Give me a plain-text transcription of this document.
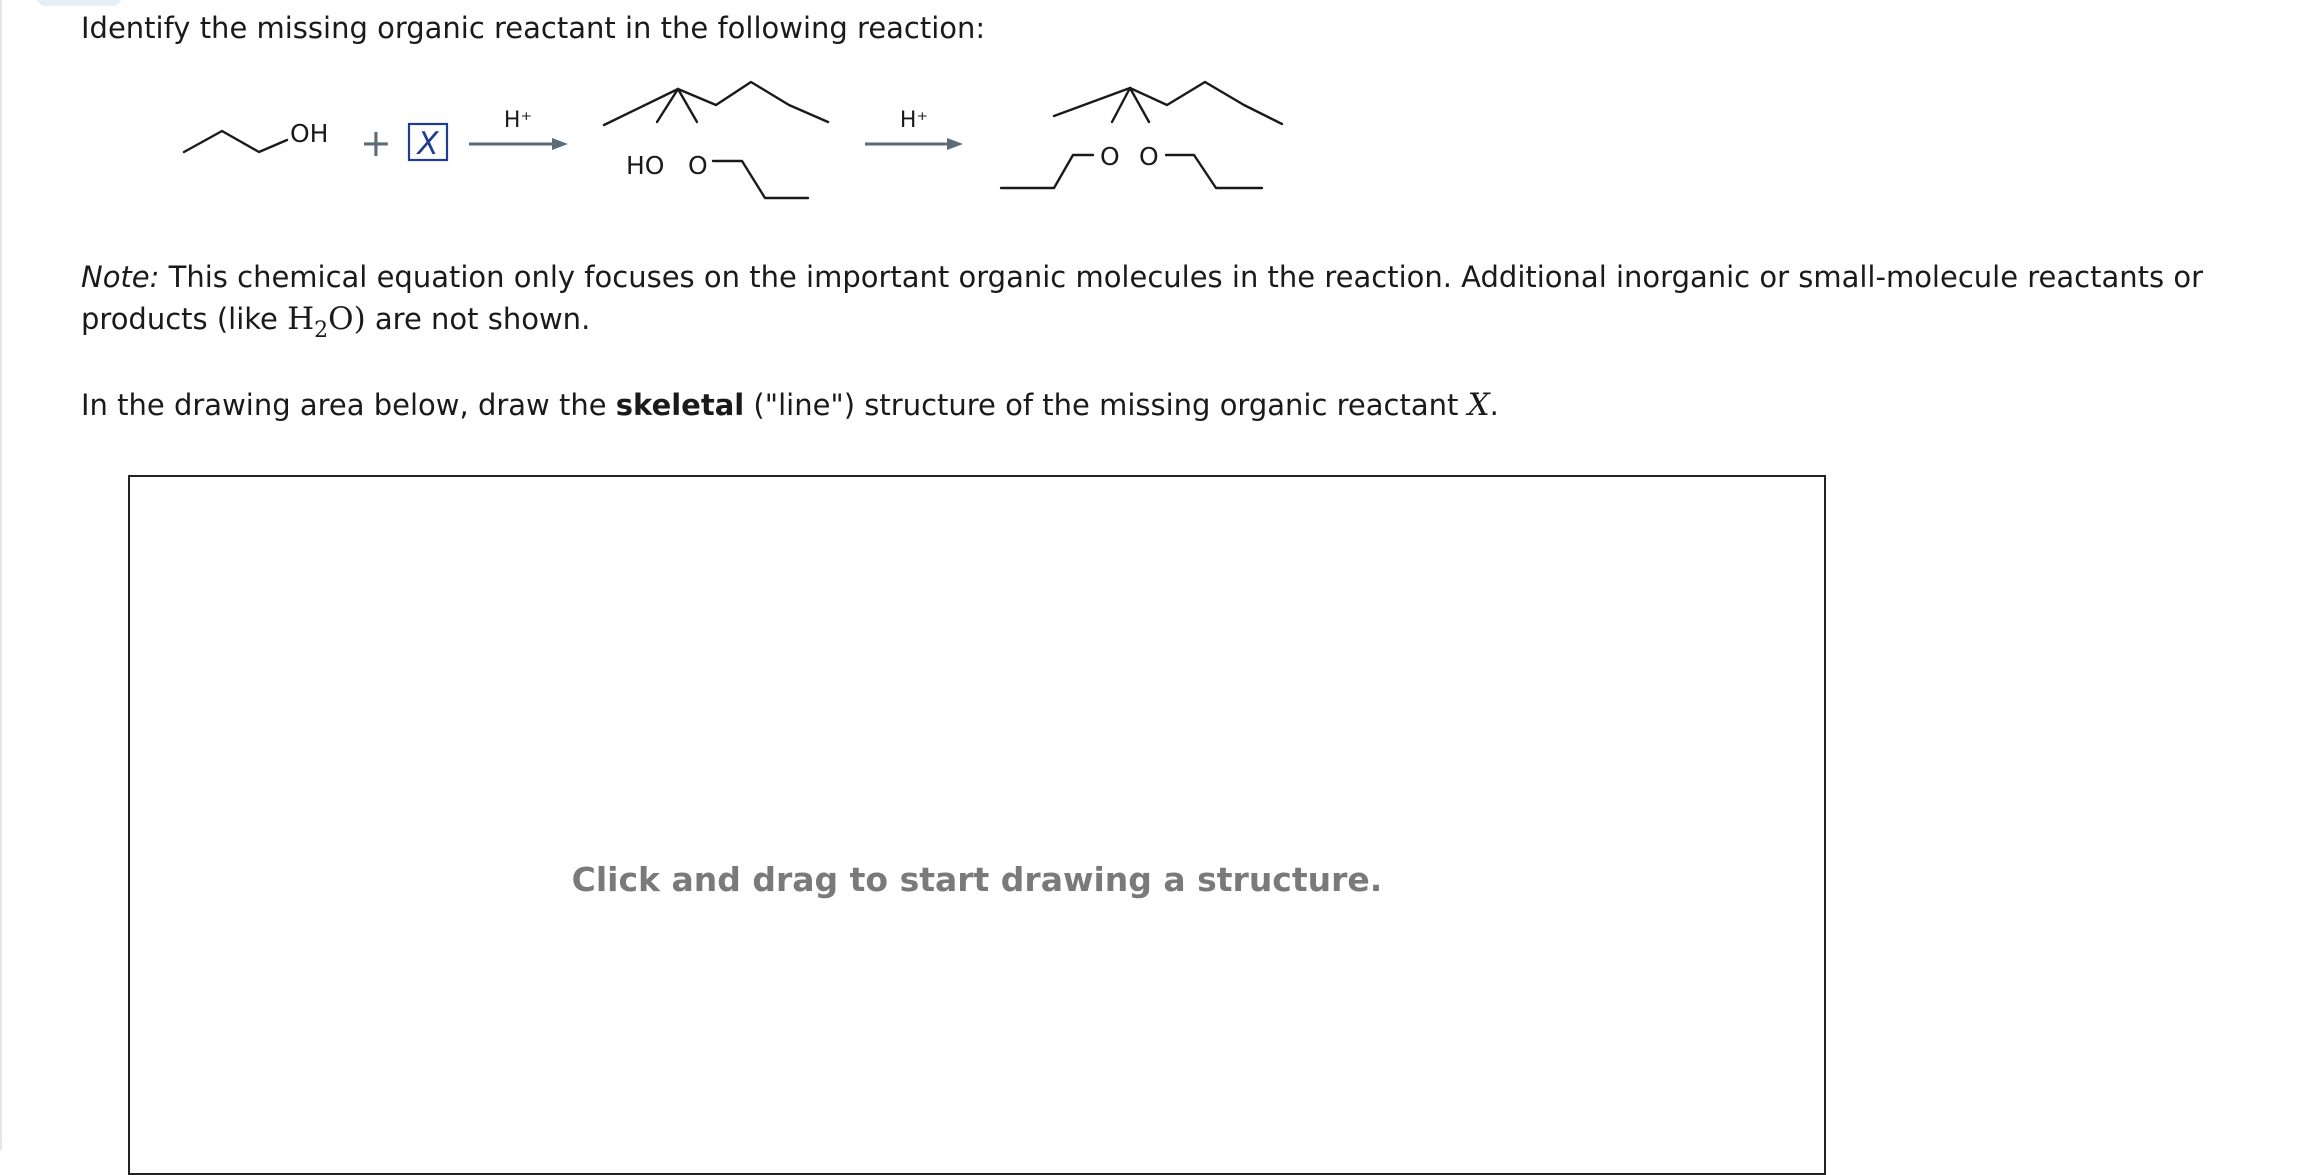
Identify the missing organic reactant in the following reaction:
OH + X
H⁺
HO O
H⁺
O O
Note: This chemical equation only focuses on the important organic molecules in the reaction. Additional inorganic or small-molecule reactants or products (like $H_2O$) are not shown.
In the drawing area below, draw the skeletal ("line") structure of the missing organic reactant X.
Click and drag to start drawing a structure.
